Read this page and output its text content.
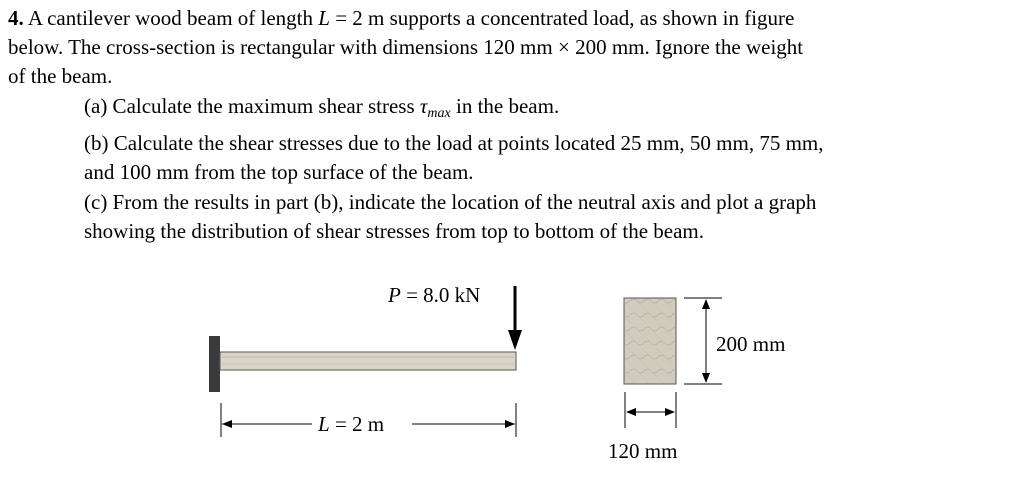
4. A cantilever wood beam of length L = 2 m supports a concentrated load, as shown in figure
below. The cross-section is rectangular with dimensions 120 mm × 200 mm. Ignore the weight
of the beam.
(a) Calculate the maximum shear stress $\tau_{max}$ in the beam.
(b) Calculate the shear stresses due to the load at points located 25 mm, 50 mm, 75 mm,
and 100 mm from the top surface of the beam.
(c) From the results in part (b), indicate the location of the neutral axis and plot a graph
showing the distribution of shear stresses from top to bottom of the beam.
P = 8.0 kN
L = 2 m
200 mm
120 mm
